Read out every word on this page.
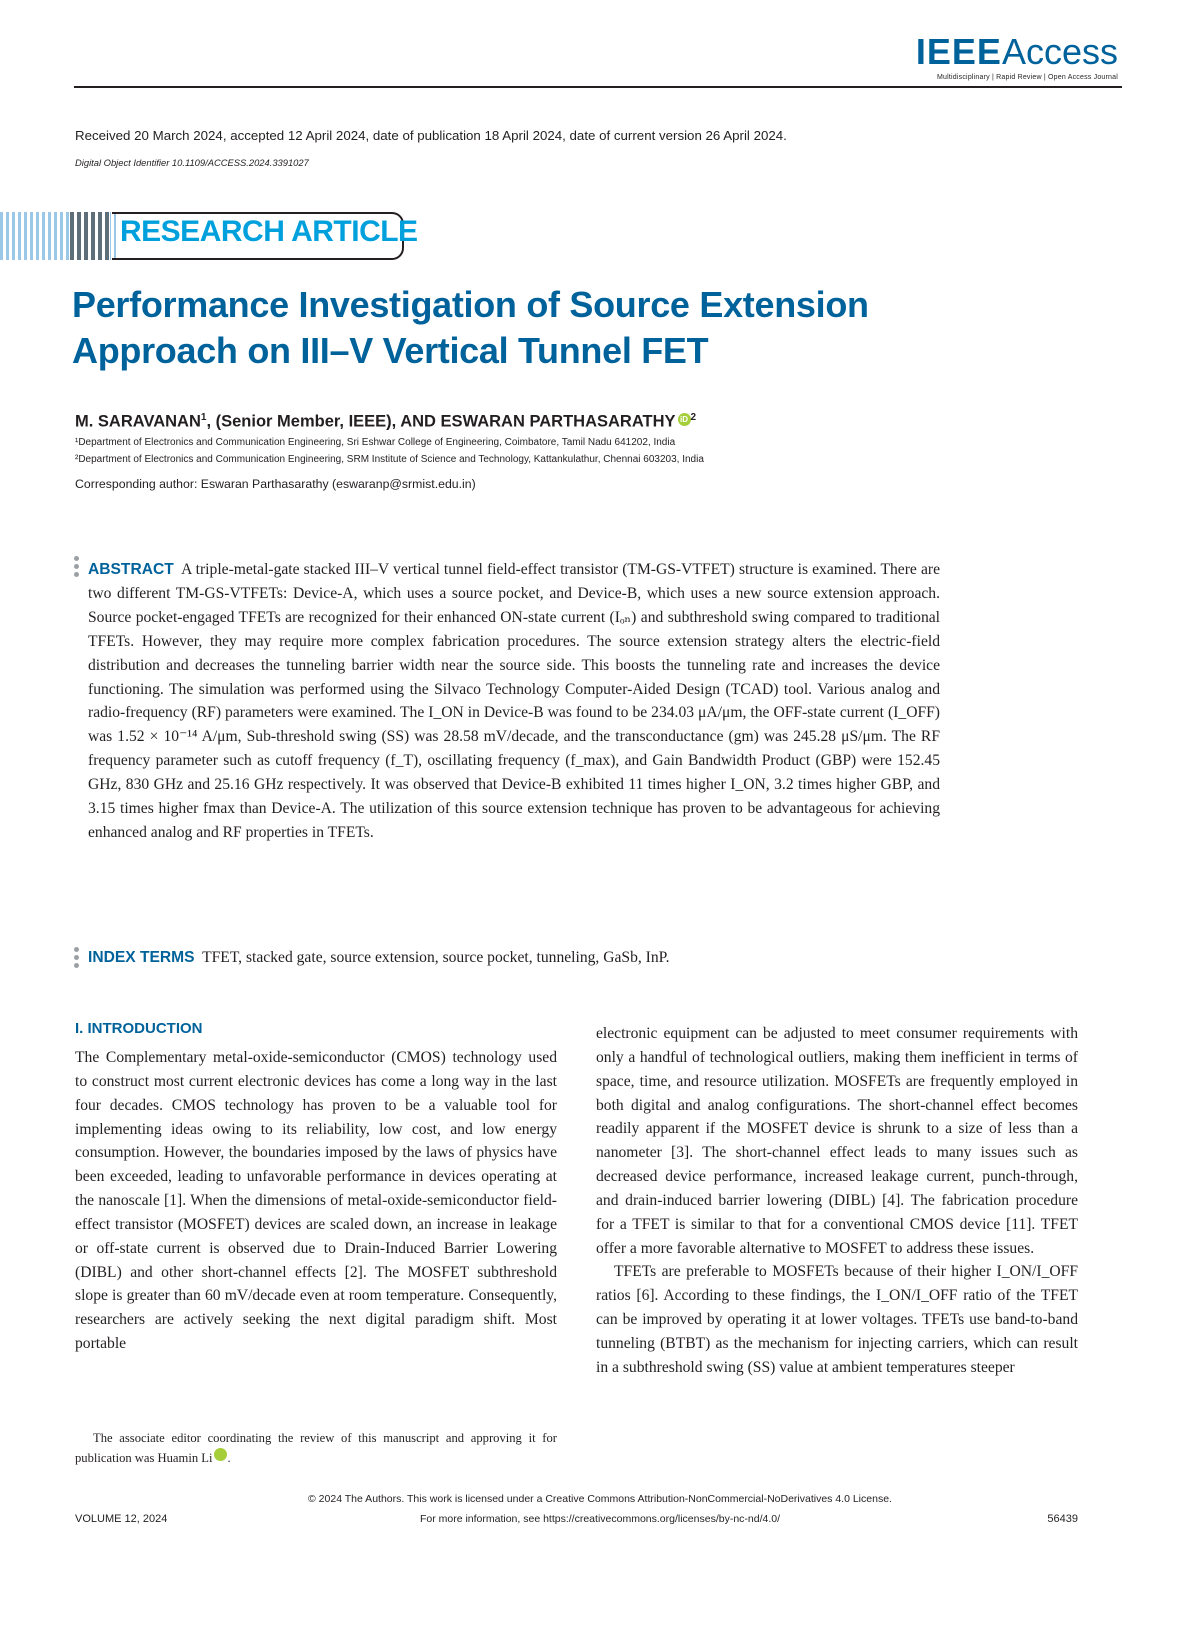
IEEEAccess
Multidisciplinary | Rapid Review | Open Access Journal
Received 20 March 2024, accepted 12 April 2024, date of publication 18 April 2024, date of current version 26 April 2024.
Digital Object Identifier 10.1109/ACCESS.2024.3391027
RESEARCH ARTICLE
Performance Investigation of Source Extension Approach on III–V Vertical Tunnel FET
M. SARAVANAN$^1$, (Senior Member, IEEE), AND ESWARAN PARTHASARATHY iD $^2$
¹Department of Electronics and Communication Engineering, Sri Eshwar College of Engineering, Coimbatore, Tamil Nadu 641202, India
²Department of Electronics and Communication Engineering, SRM Institute of Science and Technology, Kattankulathur, Chennai 603203, India
Corresponding author: Eswaran Parthasarathy (eswaranp@srmist.edu.in)
ABSTRACT A triple-metal-gate stacked III–V vertical tunnel field-effect transistor (TM-GS-VTFET) structure is examined. There are two different TM-GS-VTFETs: Device-A, which uses a source pocket, and Device-B, which uses a new source extension approach. Source pocket-engaged TFETs are recognized for their enhanced ON-state current (Iₒₙ) and subthreshold swing compared to traditional TFETs. However, they may require more complex fabrication procedures. The source extension strategy alters the electric-field distribution and decreases the tunneling barrier width near the source side. This boosts the tunneling rate and increases the device functioning. The simulation was performed using the Silvaco Technology Computer-Aided Design (TCAD) tool. Various analog and radio-frequency (RF) parameters were examined. The I_ON in Device-B was found to be 234.03 μA/μm, the OFF-state current (I_OFF) was 1.52 × 10⁻¹⁴ A/μm, Sub-threshold swing (SS) was 28.58 mV/decade, and the transconductance (gm) was 245.28 μS/μm. The RF frequency parameter such as cutoff frequency (f_T), oscillating frequency (f_max), and Gain Bandwidth Product (GBP) were 152.45 GHz, 830 GHz and 25.16 GHz respectively. It was observed that Device-B exhibited 11 times higher I_ON, 3.2 times higher GBP, and 3.15 times higher fmax than Device-A. The utilization of this source extension technique has proven to be advantageous for achieving enhanced analog and RF properties in TFETs.
INDEX TERMS TFET, stacked gate, source extension, source pocket, tunneling, GaSb, InP.
I. INTRODUCTION

The Complementary metal-oxide-semiconductor (CMOS) technology used to construct most current electronic devices has come a long way in the last four decades. CMOS technology has proven to be a valuable tool for implementing ideas owing to its reliability, low cost, and low energy consumption. However, the boundaries imposed by the laws of physics have been exceeded, leading to unfavorable performance in devices operating at the nanoscale [1]. When the dimensions of metal-oxide-semiconductor field-effect transistor (MOSFET) devices are scaled down, an increase in leakage or off-state current is observed due to Drain-Induced Barrier Lowering (DIBL) and other short-channel effects [2]. The MOSFET subthreshold slope is greater than 60 mV/decade even at room temperature. Consequently, researchers are actively seeking the next digital paradigm shift. Most portable

electronic equipment can be adjusted to meet consumer requirements with only a handful of technological outliers, making them inefficient in terms of space, time, and resource utilization. MOSFETs are frequently employed in both digital and analog configurations. The short-channel effect becomes readily apparent if the MOSFET device is shrunk to a size of less than a nanometer [3]. The short-channel effect leads to many issues such as decreased device performance, increased leakage current, punch-through, and drain-induced barrier lowering (DIBL) [4]. The fabrication procedure for a TFET is similar to that for a conventional CMOS device [11]. TFET offer a more favorable alternative to MOSFET to address these issues.

TFETs are preferable to MOSFETs because of their higher I_ON/I_OFF ratios [6]. According to these findings, the I_ON/I_OFF ratio of the TFET can be improved by operating it at lower voltages. TFETs use band-to-band tunneling (BTBT) as the mechanism for injecting carriers, which can result in a subthreshold swing (SS) value at ambient temperatures steeper

The associate editor coordinating the review of this manuscript and approving it for publication was Huamin Li	iD.
© 2024 The Authors. This work is licensed under a Creative Commons Attribution-NonCommercial-NoDerivatives 4.0 License.
For more information, see https://creativecommons.org/licenses/by-nc-nd/4.0/
VOLUME 12, 2024	56439
